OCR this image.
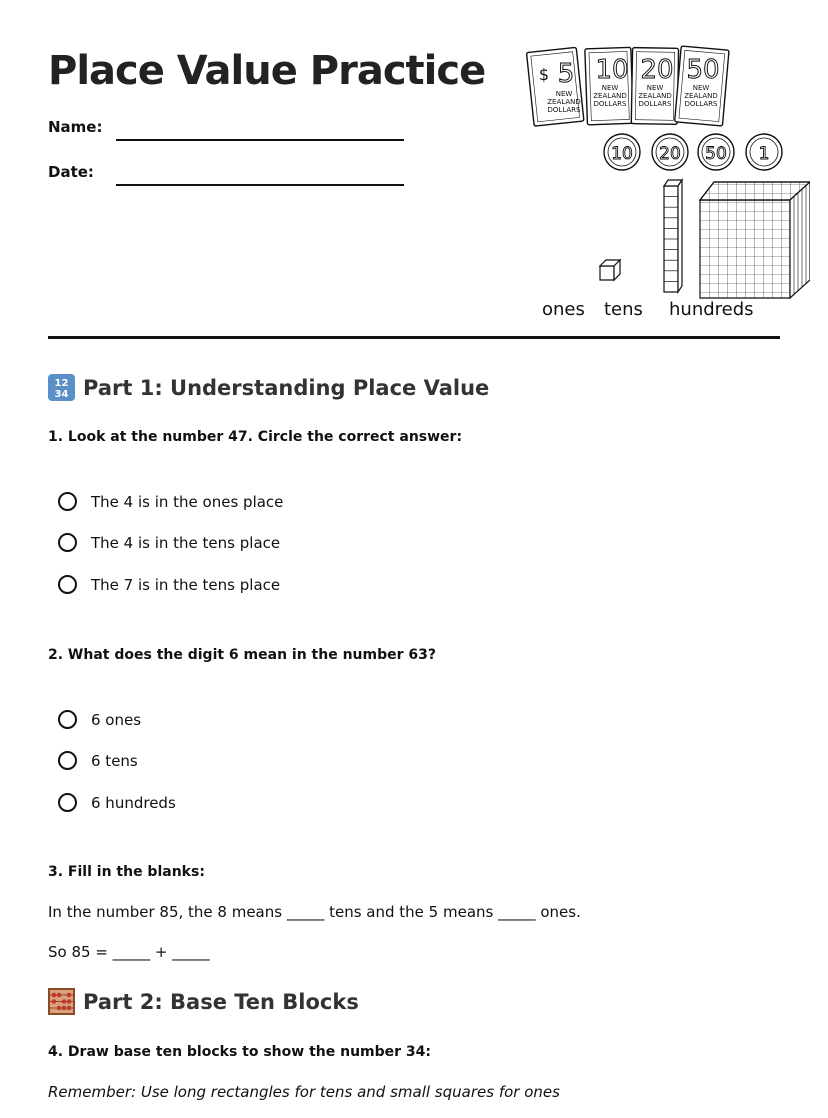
Place Value Practice
Name:
Date:
$ 5 10 20 50
NEW
ZEALAND
DOLLARS
NEW
ZEALAND
DOLLARS
NEW
ZEALAND
DOLLARS
NEW
ZEALAND
DOLLARS
10 20 50 1
ones tens hundreds
12
34 Part 1: Understanding Place Value
1. Look at the number 47. Circle the correct answer:
The 4 is in the ones place
The 4 is in the tens place
The 7 is in the tens place
2. What does the digit 6 mean in the number 63?
6 ones
6 tens
6 hundreds
3. Fill in the blanks:
In the number 85, the 8 means _____ tens and the 5 means _____ ones.
So 85 = _____ + _____
Part 2: Base Ten Blocks
4. Draw base ten blocks to show the number 34:
Remember: Use long rectangles for tens and small squares for ones
